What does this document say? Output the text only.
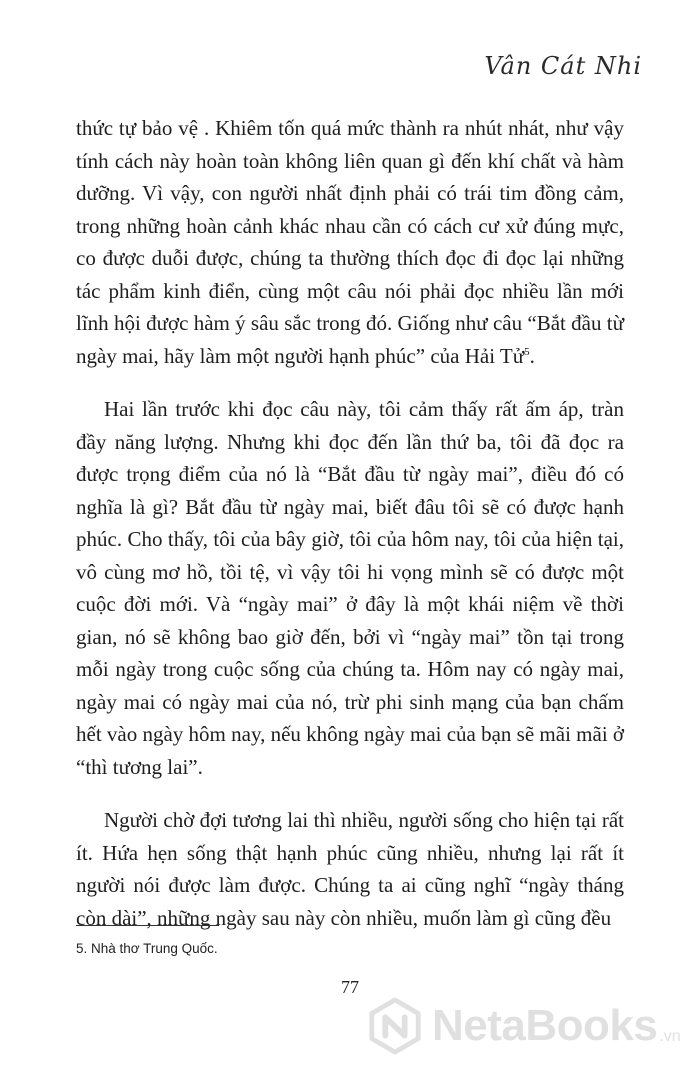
Vân Cát Nhi

thức tự bảo vệ . Khiêm tốn quá mức thành ra nhút nhát, như vậy tính cách này hoàn toàn không liên quan gì đến khí chất và hàm dưỡng. Vì vậy, con người nhất định phải có trái tim đồng cảm, trong những hoàn cảnh khác nhau cần có cách cư xử đúng mực, co được duỗi được, chúng ta thường thích đọc đi đọc lại những tác phẩm kinh điển, cùng một câu nói phải đọc nhiều lần mới lĩnh hội được hàm ý sâu sắc trong đó. Giống như câu “Bắt đầu từ ngày mai, hãy làm một người hạnh phúc” của Hải Tử$^5$.

Hai lần trước khi đọc câu này, tôi cảm thấy rất ấm áp, tràn đầy năng lượng. Nhưng khi đọc đến lần thứ ba, tôi đã đọc ra được trọng điểm của nó là “Bắt đầu từ ngày mai”, điều đó có nghĩa là gì? Bắt đầu từ ngày mai, biết đâu tôi sẽ có được hạnh phúc. Cho thấy, tôi của bây giờ, tôi của hôm nay, tôi của hiện tại, vô cùng mơ hồ, tồi tệ, vì vậy tôi hi vọng mình sẽ có được một cuộc đời mới. Và “ngày mai” ở đây là một khái niệm về thời gian, nó sẽ không bao giờ đến, bởi vì “ngày mai” tồn tại trong mỗi ngày trong cuộc sống của chúng ta. Hôm nay có ngày mai, ngày mai có ngày mai của nó, trừ phi sinh mạng của bạn chấm hết vào ngày hôm nay, nếu không ngày mai của bạn sẽ mãi mãi ở “thì tương lai”.

Người chờ đợi tương lai thì nhiều, người sống cho hiện tại rất ít. Hứa hẹn sống thật hạnh phúc cũng nhiều, nhưng lại rất ít người nói được làm được. Chúng ta ai cũng nghĩ “ngày tháng còn dài”, những ngày sau này còn nhiều, muốn làm gì cũng đều

5. Nhà thơ Trung Quốc.
77
NetaBooks .vn
